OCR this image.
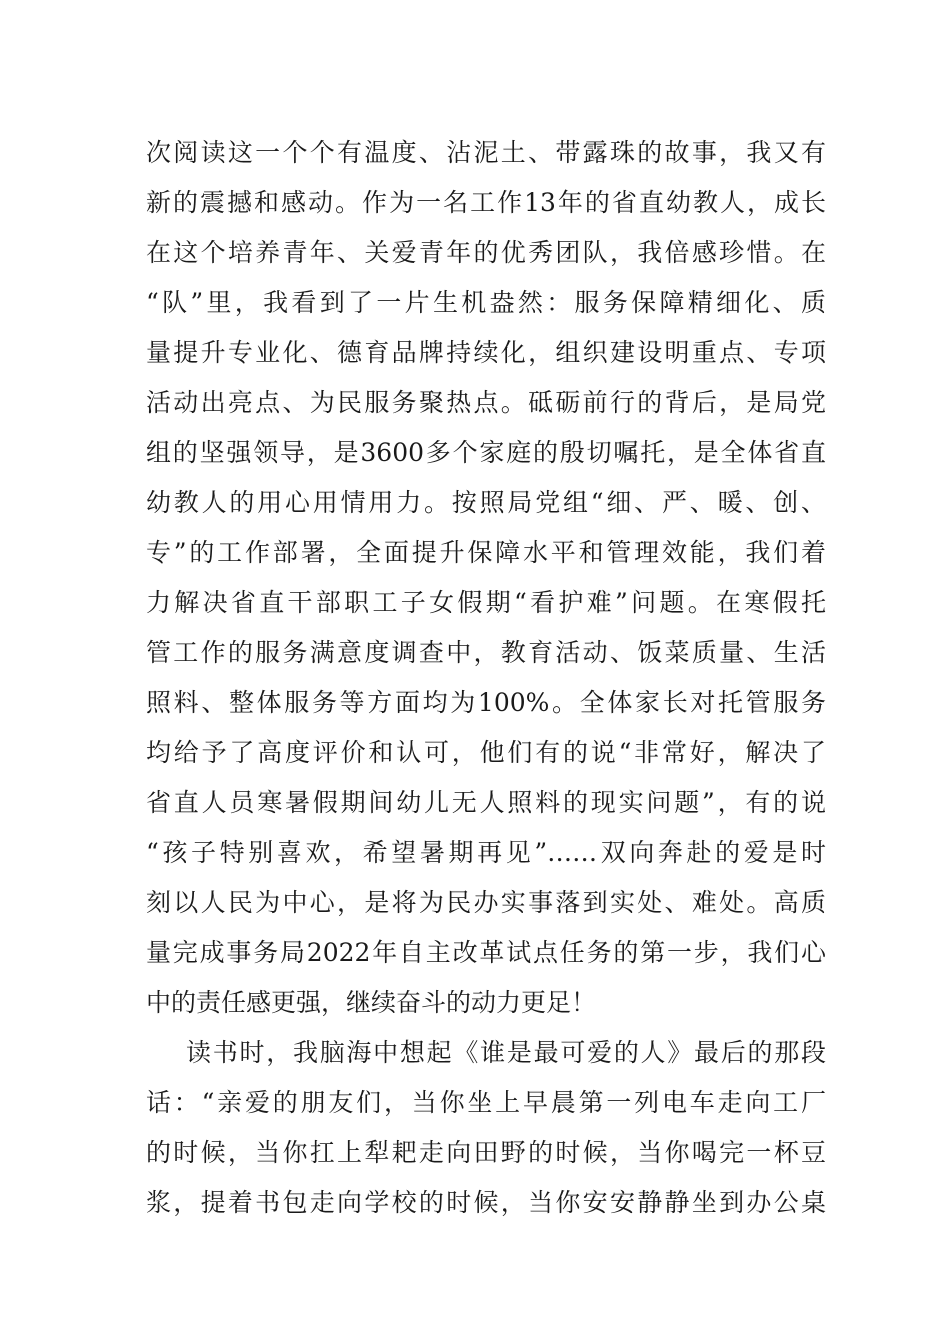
次阅读这一个个有温度、沾泥土、带露珠的故事，我又有
新的震撼和感动。作为一名工作13年的省直幼教人，成长
在这个培养青年、关爱青年的优秀团队，我倍感珍惜。在
“队”里，我看到了一片生机盎然：服务保障精细化、质
量提升专业化、德育品牌持续化，组织建设明重点、专项
活动出亮点、为民服务聚热点。砥砺前行的背后，是局党
组的坚强领导，是3600多个家庭的殷切嘱托，是全体省直
幼教人的用心用情用力。按照局党组“细、严、暖、创、
专”的工作部署，全面提升保障水平和管理效能，我们着
力解决省直干部职工子女假期“看护难”问题。在寒假托
管工作的服务满意度调查中，教育活动、饭菜质量、生活
照料、整体服务等方面均为100%。全体家长对托管服务
均给予了高度评价和认可，他们有的说“非常好，解决了
省直人员寒暑假期间幼儿无人照料的现实问题”，有的说
“孩子特别喜欢，希望暑期再见”……双向奔赴的爱是时
刻以人民为中心，是将为民办实事落到实处、难处。高质
量完成事务局2022年自主改革试点任务的第一步，我们心
中的责任感更强，继续奋斗的动力更足！
读书时，我脑海中想起《谁是最可爱的人》最后的那段
话：“亲爱的朋友们，当你坐上早晨第一列电车走向工厂
的时候，当你扛上犁耙走向田野的时候，当你喝完一杯豆
浆，提着书包走向学校的时候，当你安安静静坐到办公桌
